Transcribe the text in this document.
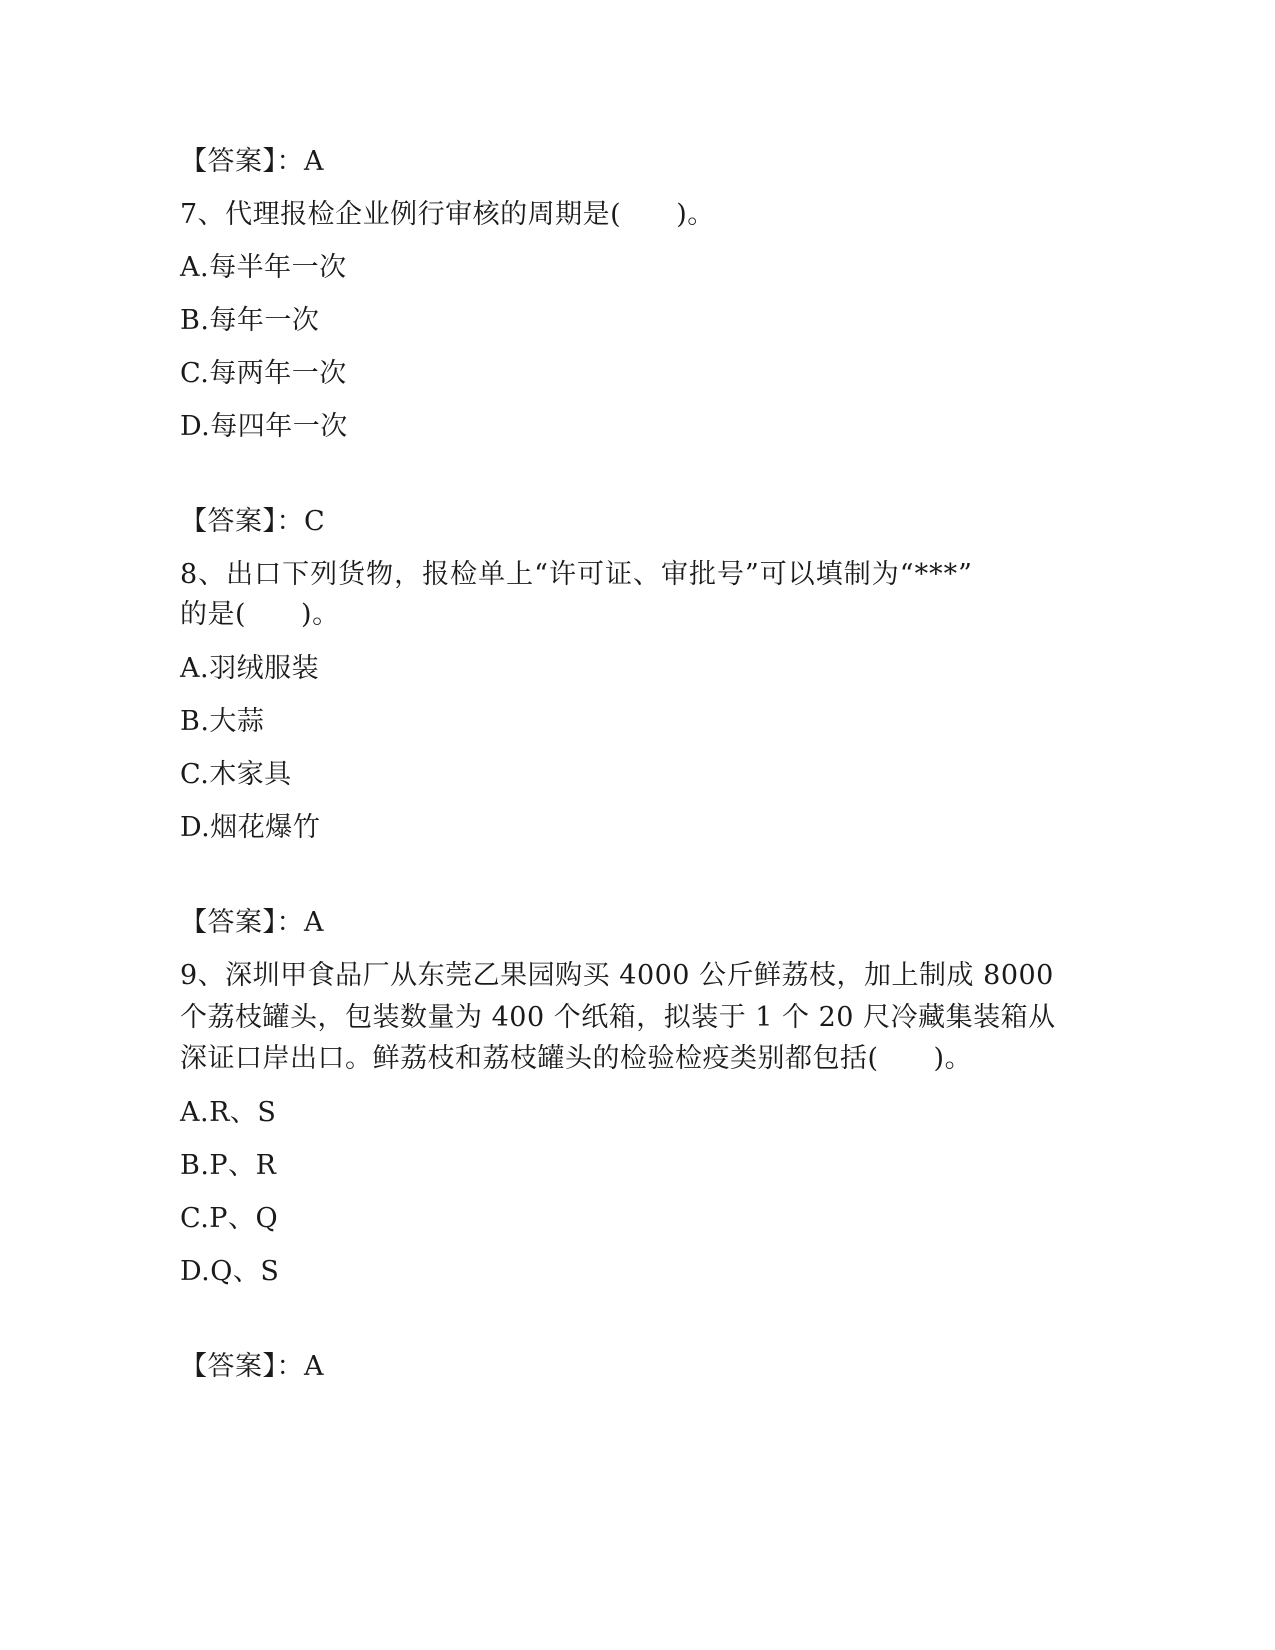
【答案】：A
7、代理报检企业例行审核的周期是(　　)。
A.每半年一次
B.每年一次
C.每两年一次
D.每四年一次
【答案】：C
8、出口下列货物，报检单上“许可证、审批号”可以填制为“***”
的是(　　)。
A.羽绒服装
B.大蒜
C.木家具
D.烟花爆竹
【答案】：A
9、深圳甲食品厂从东莞乙果园购买 4000 公斤鲜荔枝，加上制成 8000
个荔枝罐头，包装数量为 400 个纸箱，拟装于 1 个 20 尺冷藏集装箱从
深证口岸出口。鲜荔枝和荔枝罐头的检验检疫类别都包括(　　)。
A.R、S
B.P、R
C.P、Q
D.Q、S
【答案】：A
